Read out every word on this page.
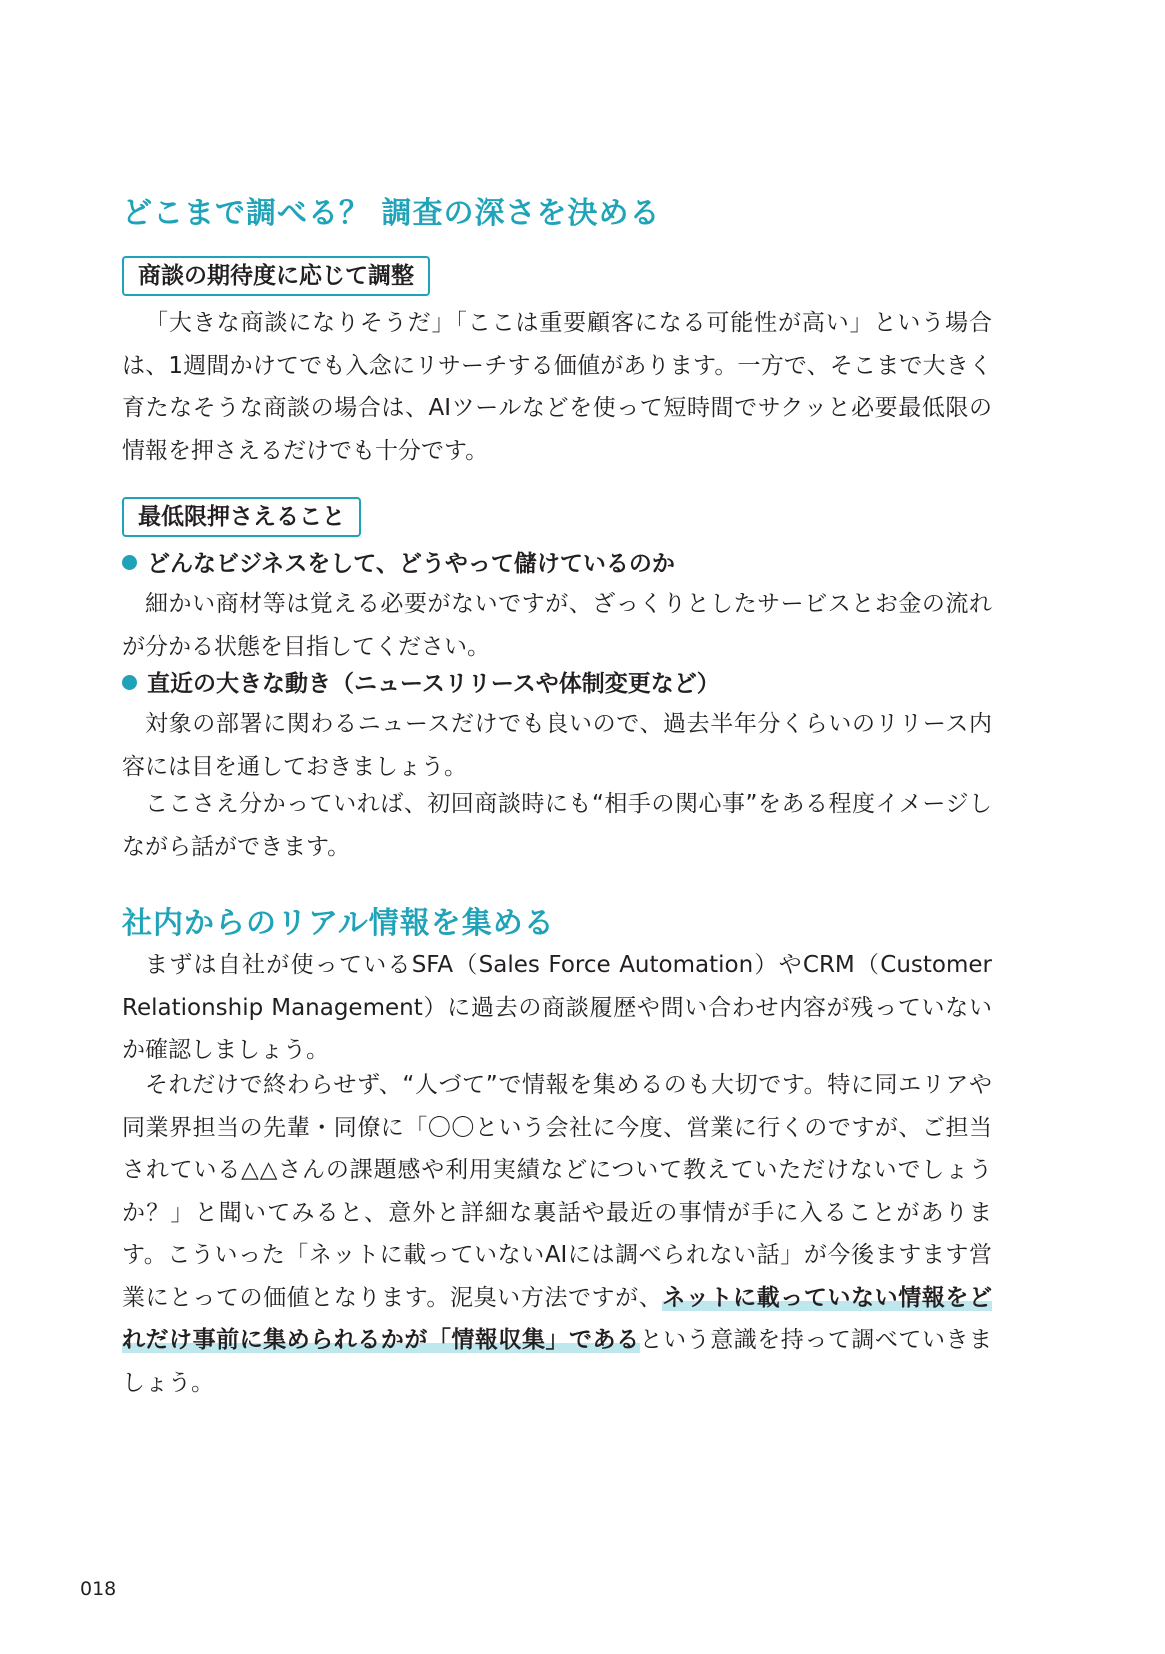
どこまで調べる？ 調査の深さを決める
商談の期待度に応じて調整

「大きな商談になりそうだ」「ここは重要顧客になる可能性が高い」という場合は、1週間かけてでも入念にリサーチする価値があります。一方で、そこまで大きく育たなそうな商談の場合は、AIツールなどを使って短時間でサクッと必要最低限の情報を押さえるだけでも十分です。

最低限押さえること

どんなビジネスをして、どうやって儲けているのか

細かい商材等は覚える必要がないですが、ざっくりとしたサービスとお金の流れが分かる状態を目指してください。

直近の大きな動き（ニュースリリースや体制変更など）

対象の部署に関わるニュースだけでも良いので、過去半年分くらいのリリース内容には目を通しておきましょう。

ここさえ分かっていれば、初回商談時にも“相手の関心事”をある程度イメージしながら話ができます。

社内からのリアル情報を集める

まずは自社が使っているSFA（Sales Force Automation）やCRM（Customer Relationship Management）に過去の商談履歴や問い合わせ内容が残っていないか確認しましょう。

それだけで終わらせず、“人づて”で情報を集めるのも大切です。特に同エリアや同業界担当の先輩・同僚に「〇〇という会社に今度、営業に行くのですが、ご担当されている△△さんの課題感や利用実績などについて教えていただけないでしょうか？」と聞いてみると、意外と詳細な裏話や最近の事情が手に入ることがあります。こういった「ネットに載っていないAIには調べられない話」が今後ますます営業にとっての価値となります。泥臭い方法ですが、ネットに載っていない情報をどれだけ事前に集められるかが「情報収集」であるという意識を持って調べていきましょう。

018
